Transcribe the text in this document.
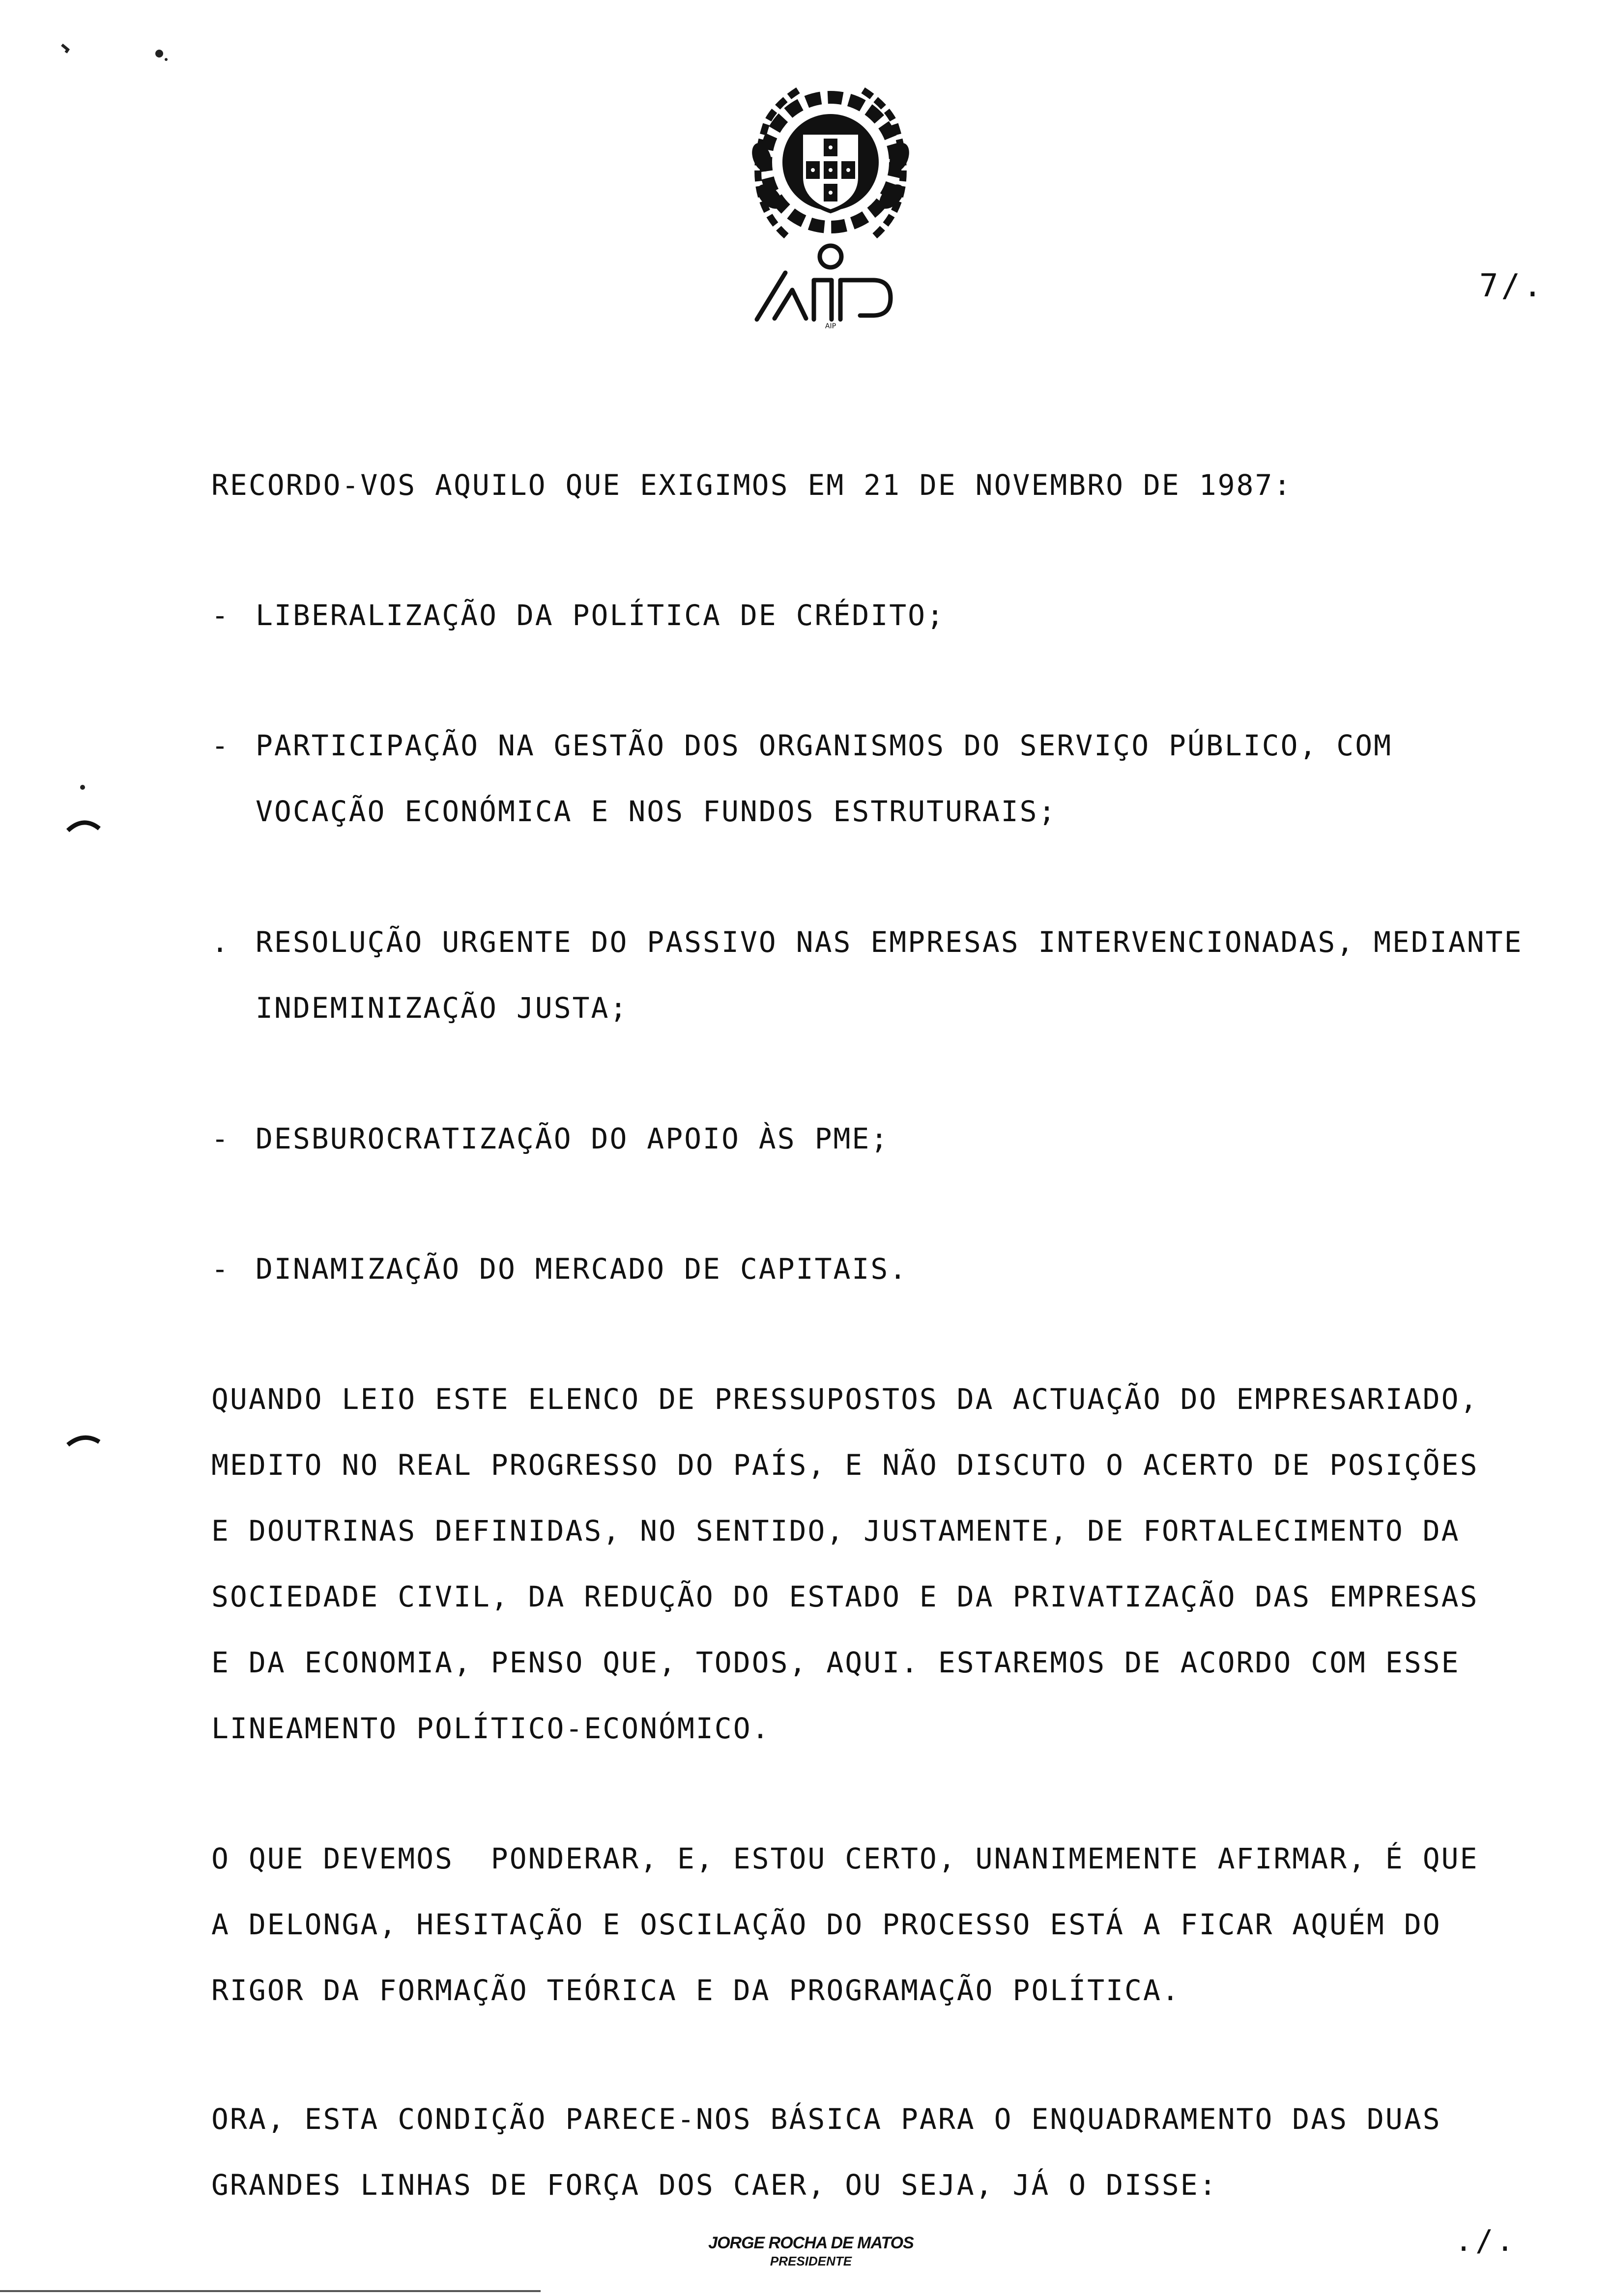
AIP
7/.
RECORDO-VOS AQUILO QUE EXIGIMOS EM 21 DE NOVEMBRO DE 1987:
- LIBERALIZAÇÃO DA POLÍTICA DE CRÉDITO;
- PARTICIPAÇÃO NA GESTÃO DOS ORGANISMOS DO SERVIÇO PÚBLICO, COM
VOCAÇÃO ECONÓMICA E NOS FUNDOS ESTRUTURAIS;
. RESOLUÇÃO URGENTE DO PASSIVO NAS EMPRESAS INTERVENCIONADAS, MEDIANTE
INDEMINIZAÇÃO JUSTA;
- DESBUROCRATIZAÇÃO DO APOIO ÀS PME;
- DINAMIZAÇÃO DO MERCADO DE CAPITAIS.
QUANDO LEIO ESTE ELENCO DE PRESSUPOSTOS DA ACTUAÇÃO DO EMPRESARIADO,
MEDITO NO REAL PROGRESSO DO PAÍS, E NÃO DISCUTO O ACERTO DE POSIÇÕES
E DOUTRINAS DEFINIDAS, NO SENTIDO, JUSTAMENTE, DE FORTALECIMENTO DA
SOCIEDADE CIVIL, DA REDUÇÃO DO ESTADO E DA PRIVATIZAÇÃO DAS EMPRESAS
E DA ECONOMIA, PENSO QUE, TODOS, AQUI. ESTAREMOS DE ACORDO COM ESSE
LINEAMENTO POLÍTICO-ECONÓMICO.
O QUE DEVEMOS  PONDERAR, E, ESTOU CERTO, UNANIMEMENTE AFIRMAR, É QUE
A DELONGA, HESITAÇÃO E OSCILAÇÃO DO PROCESSO ESTÁ A FICAR AQUÉM DO
RIGOR DA FORMAÇÃO TEÓRICA E DA PROGRAMAÇÃO POLÍTICA.
ORA, ESTA CONDIÇÃO PARECE-NOS BÁSICA PARA O ENQUADRAMENTO DAS DUAS
GRANDES LINHAS DE FORÇA DOS CAER, OU SEJA, JÁ O DISSE:
JORGE ROCHA DE MATOS
PRESIDENTE
./.
